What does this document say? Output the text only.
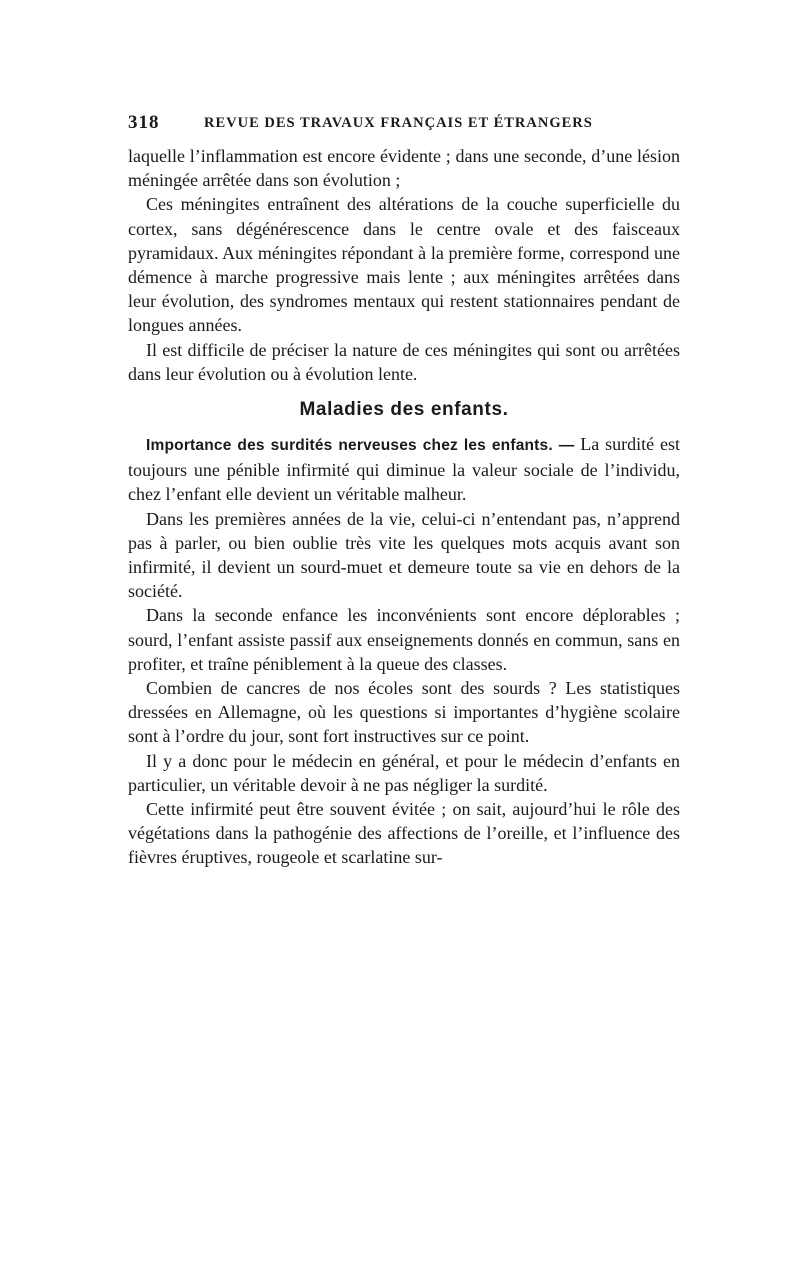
318	REVUE DES TRAVAUX FRANÇAIS ET ÉTRANGERS

laquelle l’inflammation est encore évidente ; dans une seconde, d’une lésion méningée arrêtée dans son évolution ;

Ces méningites entraînent des altérations de la couche superficielle du cortex, sans dégénérescence dans le centre ovale et des faisceaux pyramidaux. Aux méningites répondant à la première forme, correspond une démence à marche progressive mais lente ; aux méningites arrêtées dans leur évolution, des syndromes mentaux qui restent stationnaires pendant de longues années.

Il est difficile de préciser la nature de ces méningites qui sont ou arrêtées dans leur évolution ou à évolution lente.

Maladies des enfants.

Importance des surdités nerveuses chez les enfants. — La surdité est toujours une pénible infirmité qui diminue la valeur sociale de l’individu, chez l’enfant elle devient un véritable malheur.

Dans les premières années de la vie, celui-ci n’entendant pas, n’apprend pas à parler, ou bien oublie très vite les quelques mots acquis avant son infirmité, il devient un sourd-muet et demeure toute sa vie en dehors de la société.

Dans la seconde enfance les inconvénients sont encore déplorables ; sourd, l’enfant assiste passif aux enseignements donnés en commun, sans en profiter, et traîne péniblement à la queue des classes.

Combien de cancres de nos écoles sont des sourds ? Les statistiques dressées en Allemagne, où les questions si importantes d’hygiène scolaire sont à l’ordre du jour, sont fort instructives sur ce point.

Il y a donc pour le médecin en général, et pour le médecin d’enfants en particulier, un véritable devoir à ne pas négliger la surdité.

Cette infirmité peut être souvent évitée ; on sait, aujourd’hui le rôle des végétations dans la pathogénie des affections de l’oreille, et l’influence des fièvres éruptives, rougeole et scarlatine sur-
